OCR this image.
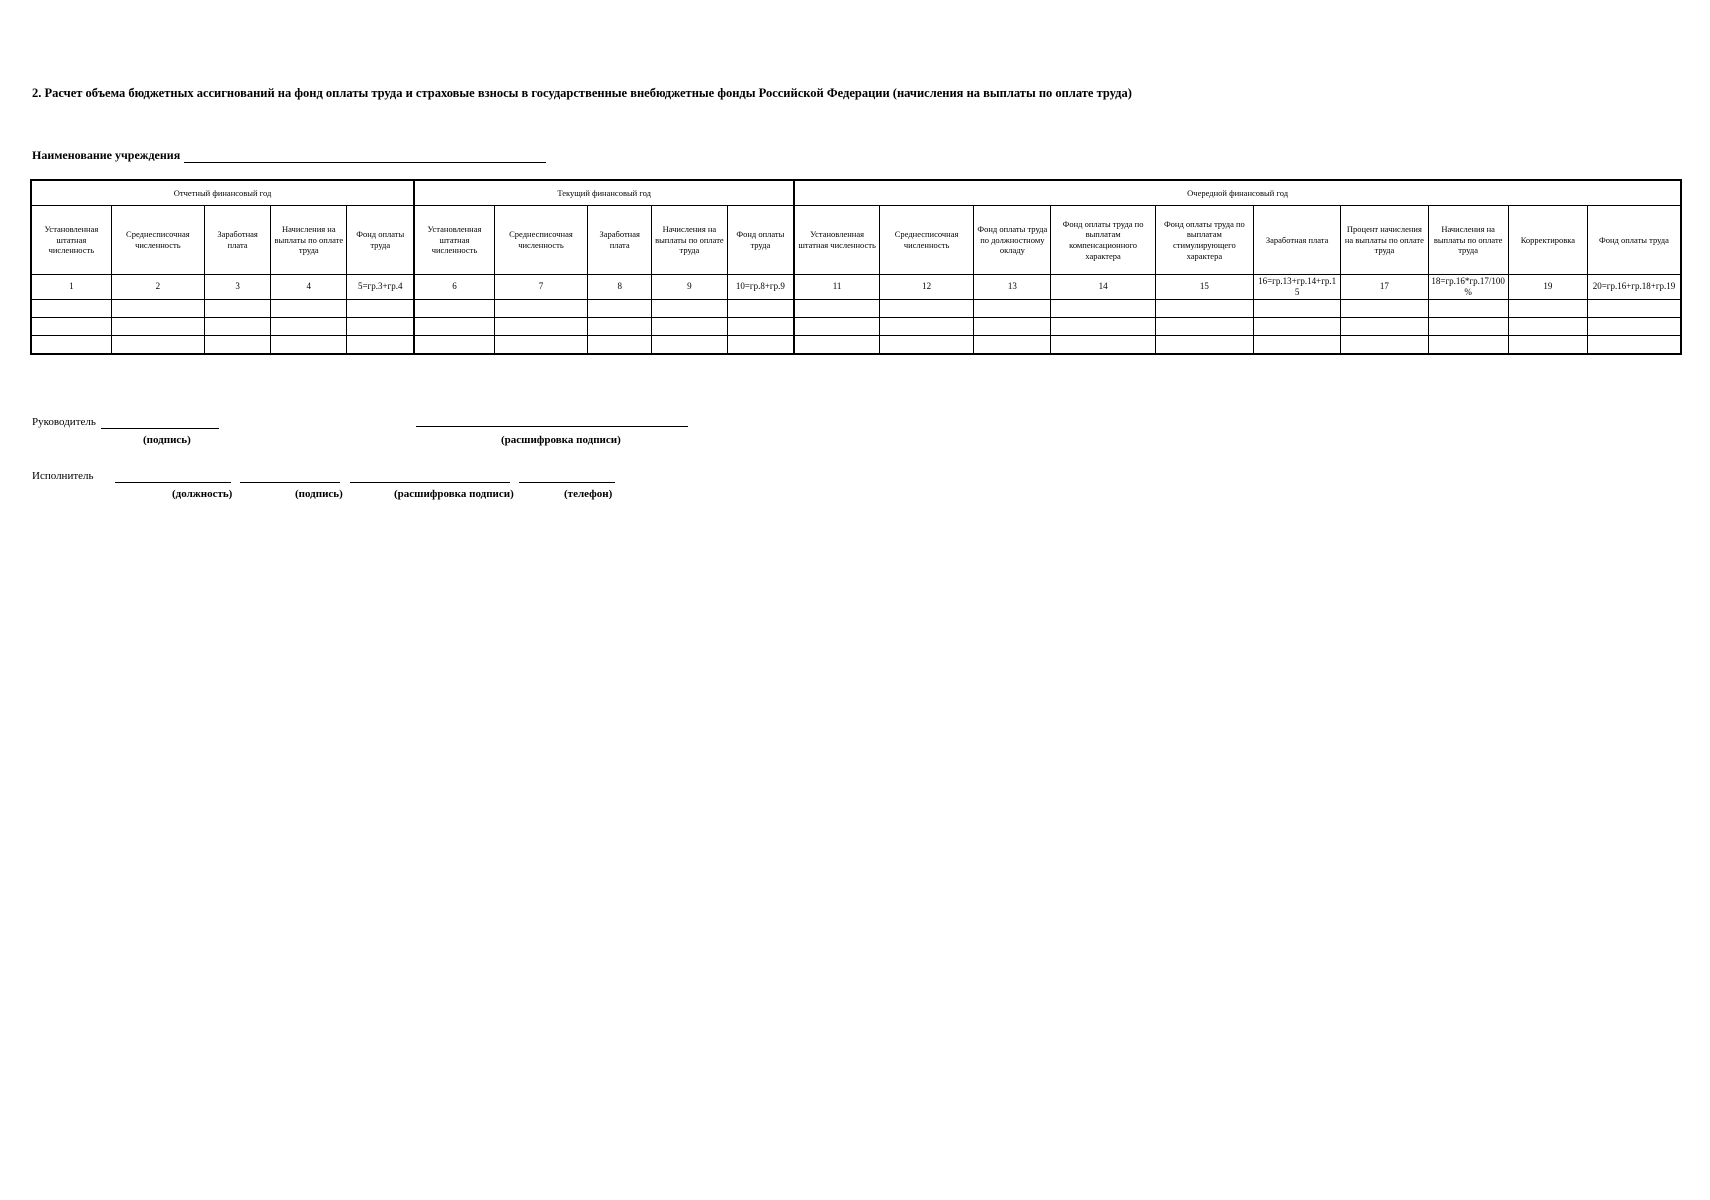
2. Расчет объема бюджетных ассигнований на фонд оплаты труда и страховые взносы в государственные внебюджетные фонды Российской Федерации (начисления на выплаты по оплате труда)
Наименование учреждения
Отчетный финансовый год					Текущий финансовый год					Очередной финансовый год									
Установленная штатная численность	Среднесписочная численность	Заработная плата	Начисления на выплаты по оплате труда	Фонд оплаты труда	Установленная штатная численность	Среднесписочная численность	Заработная плата	Начисления на выплаты по оплате труда	Фонд оплаты труда	Установленная штатная численность	Среднесписочная численность	Фонд оплаты труда по должностному окладу	Фонд оплаты труда по выплатам компенсационного характера	Фонд оплаты труда по выплатам стимулирующего характера	Заработная плата	Процент начисления на выплаты по оплате труда	Начисления на выплаты по оплате труда	Корректировка	Фонд оплаты труда
1	2	3	4	5=гр.3+гр.4	6	7	8	9	10=гр.8+гр.9	11	12	13	14	15	16=гр.13+гр.14+гр.15	17	18=гр.16*гр.17/100%	19	20=гр.16+гр.18+гр.19

Руководитель
(подпись)	(расшифровка подписи)
Исполнитель
(должность)	(подпись)	(расшифровка подписи)	(телефон)
